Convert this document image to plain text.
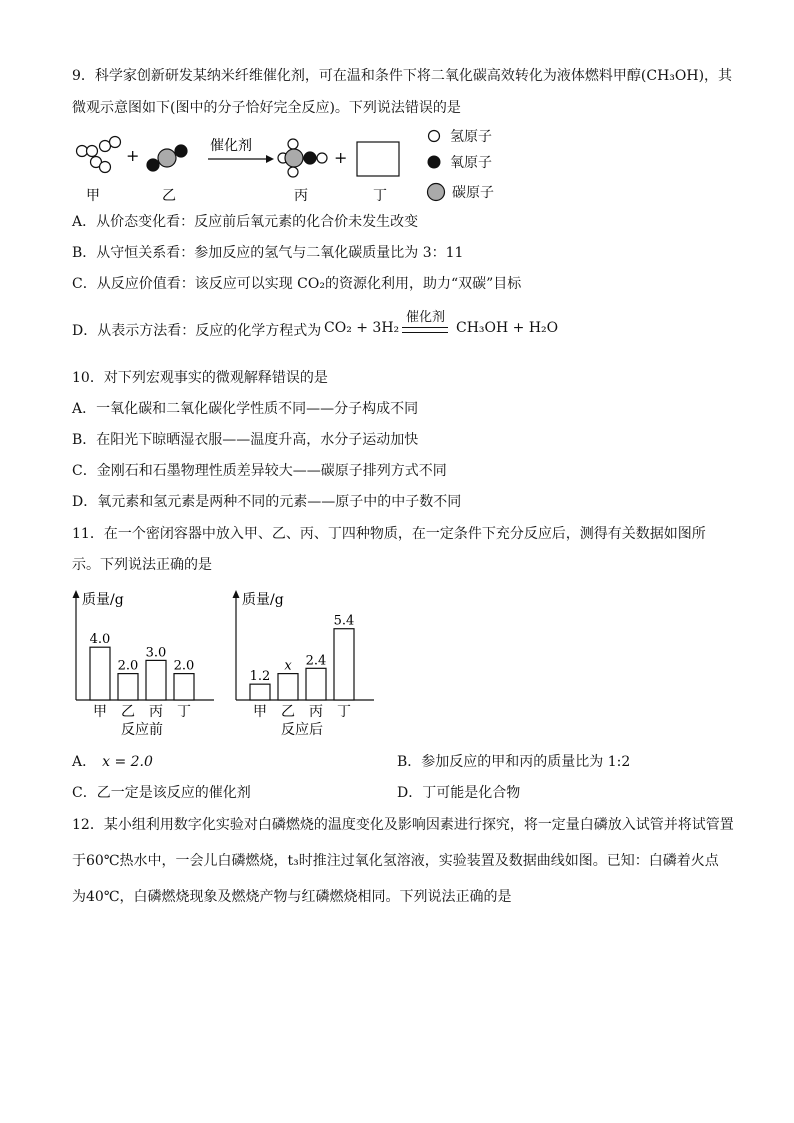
9．科学家创新研发某纳米纤维催化剂，可在温和条件下将二氧化碳高效转化为液体燃料甲醇(CH₃OH)，其
微观示意图如下(图中的分子恰好完全反应)。下列说法错误的是
+	催化剂
+
甲	乙	丙	丁
氢原子
氧原子
碳原子
A．从价态变化看：反应前后氧元素的化合价未发生改变
B．从守恒关系看：参加反应的氢气与二氧化碳质量比为 3：11
C．从反应价值看：该反应可以实现 CO₂的资源化利用，助力“双碳”目标
D．从表示方法看：反应的化学方程式为 CO₂ + 3H₂
催化剂
CH₃OH + H₂O
10．对下列宏观事实的微观解释错误的是
A．一氧化碳和二氧化碳化学性质不同——分子构成不同
B．在阳光下晾晒湿衣服——温度升高，水分子运动加快
C．金刚石和石墨物理性质差异较大——碳原子排列方式不同
D．氧元素和氢元素是两种不同的元素——原子中的中子数不同
11．在一个密闭容器中放入甲、乙、丙、丁四种物质，在一定条件下充分反应后，测得有关数据如图所
示。下列说法正确的是
质量/g
4.0
甲
2.0
乙
3.0
丙
2.0
丁
反应前
质量/g
1.2
甲
x
乙
2.4
丙
5.4
丁
反应后
A． x = 2.0	B．参加反应的甲和丙的质量比为 1:2
C．乙一定是该反应的催化剂	D．丁可能是化合物
12．某小组利用数字化实验对白磷燃烧的温度变化及影响因素进行探究，将一定量白磷放入试管并将试管置
于60℃热水中，一会儿白磷燃烧，t₃时推注过氧化氢溶液，实验装置及数据曲线如图。已知：白磷着火点
为40℃，白磷燃烧现象及燃烧产物与红磷燃烧相同。下列说法正确的是
